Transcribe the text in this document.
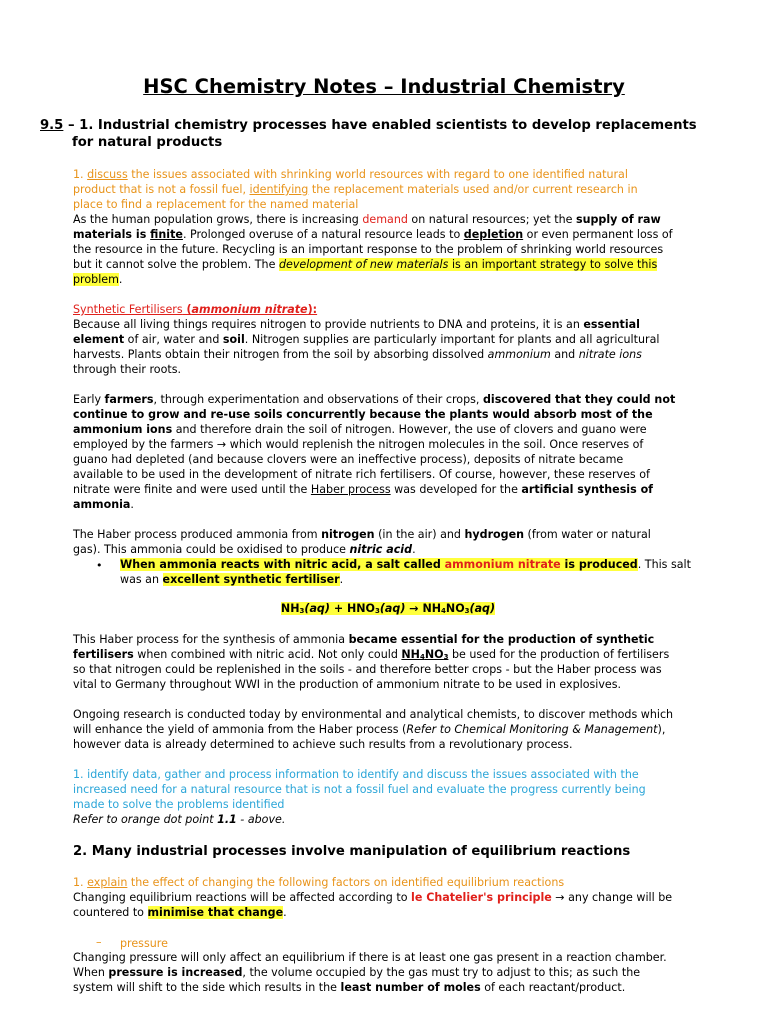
HSC Chemistry Notes – Industrial Chemistry
9.5 – 1. Industrial chemistry processes have enabled scientists to develop replacements
for natural products
1. discuss the issues associated with shrinking world resources with regard to one identified natural
product that is not a fossil fuel, identifying the replacement materials used and/or current research in
place to find a replacement for the named material
As the human population grows, there is increasing demand on natural resources; yet the supply of raw
materials is finite. Prolonged overuse of a natural resource leads to depletion or even permanent loss of
the resource in the future. Recycling is an important response to the problem of shrinking world resources
but it cannot solve the problem. The development of new materials is an important strategy to solve this
problem.
Synthetic Fertilisers (ammonium nitrate):
Because all living things requires nitrogen to provide nutrients to DNA and proteins, it is an essential
element of air, water and soil. Nitrogen supplies are particularly important for plants and all agricultural
harvests. Plants obtain their nitrogen from the soil by absorbing dissolved ammonium and nitrate ions
through their roots.
Early farmers, through experimentation and observations of their crops, discovered that they could not
continue to grow and re-use soils concurrently because the plants would absorb most of the
ammonium ions and therefore drain the soil of nitrogen. However, the use of clovers and guano were
employed by the farmers → which would replenish the nitrogen molecules in the soil. Once reserves of
guano had depleted (and because clovers were an ineffective process), deposits of nitrate became
available to be used in the development of nitrate rich fertilisers. Of course, however, these reserves of
nitrate were finite and were used until the Haber process was developed for the artificial synthesis of
ammonia.
The Haber process produced ammonia from nitrogen (in the air) and hydrogen (from water or natural
gas). This ammonia could be oxidised to produce nitric acid.
• When ammonia reacts with nitric acid, a salt called ammonium nitrate is produced. This salt
was an excellent synthetic fertiliser.
$NH_3(aq) + HNO_3(aq) \to NH_4NO_3(aq)$
This Haber process for the synthesis of ammonia became essential for the production of synthetic
fertilisers when combined with nitric acid. Not only could $NH_4NO_3$ be used for the production of fertilisers
so that nitrogen could be replenished in the soils - and therefore better crops - but the Haber process was
vital to Germany throughout WWI in the production of ammonium nitrate to be used in explosives.
Ongoing research is conducted today by environmental and analytical chemists, to discover methods which
will enhance the yield of ammonia from the Haber process (Refer to Chemical Monitoring & Management),
however data is already determined to achieve such results from a revolutionary process.
1. identify data, gather and process information to identify and discuss the issues associated with the
increased need for a natural resource that is not a fossil fuel and evaluate the progress currently being
made to solve the problems identified
Refer to orange dot point 1.1 - above.
2. Many industrial processes involve manipulation of equilibrium reactions
1. explain the effect of changing the following factors on identified equilibrium reactions
Changing equilibrium reactions will be affected according to le Chatelier's principle → any change will be
countered to minimise that change.
– pressure
Changing pressure will only affect an equilibrium if there is at least one gas present in a reaction chamber.
When pressure is increased, the volume occupied by the gas must try to adjust to this; as such the
system will shift to the side which results in the least number of moles of each reactant/product.
